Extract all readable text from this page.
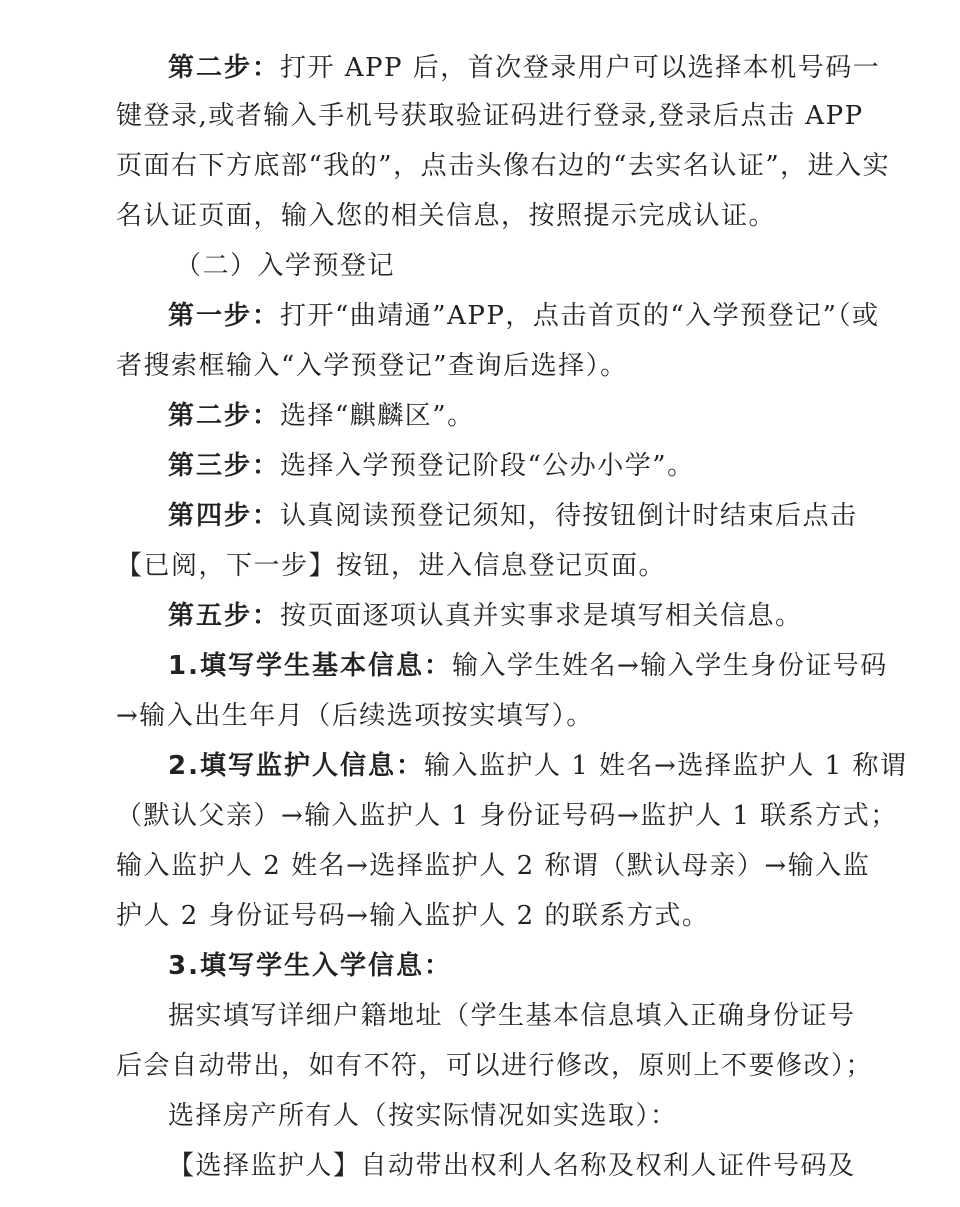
第二步：打开 APP 后，首次登录用户可以选择本机号码一
键登录,或者输入手机号获取验证码进行登录,登录后点击 APP
页面右下方底部“我的”，点击头像右边的“去实名认证”，进入实
名认证页面，输入您的相关信息，按照提示完成认证。
（二）入学预登记
第一步：打开“曲靖通”APP，点击首页的“入学预登记”（或
者搜索框输入“入学预登记”查询后选择）。
第二步：选择“麒麟区”。
第三步：选择入学预登记阶段“公办小学”。
第四步：认真阅读预登记须知，待按钮倒计时结束后点击
【已阅，下一步】按钮，进入信息登记页面。
第五步：按页面逐项认真并实事求是填写相关信息。
1.填写学生基本信息：输入学生姓名→输入学生身份证号码
→输入出生年月（后续选项按实填写）。
2.填写监护人信息：输入监护人 1 姓名→选择监护人 1 称谓
（默认父亲）→输入监护人 1 身份证号码→监护人 1 联系方式；
输入监护人 2 姓名→选择监护人 2 称谓（默认母亲）→输入监
护人 2 身份证号码→输入监护人 2 的联系方式。
3.填写学生入学信息：
据实填写详细户籍地址（学生基本信息填入正确身份证号
后会自动带出，如有不符，可以进行修改，原则上不要修改）；
选择房产所有人（按实际情况如实选取）：
【选择监护人】自动带出权利人名称及权利人证件号码及
